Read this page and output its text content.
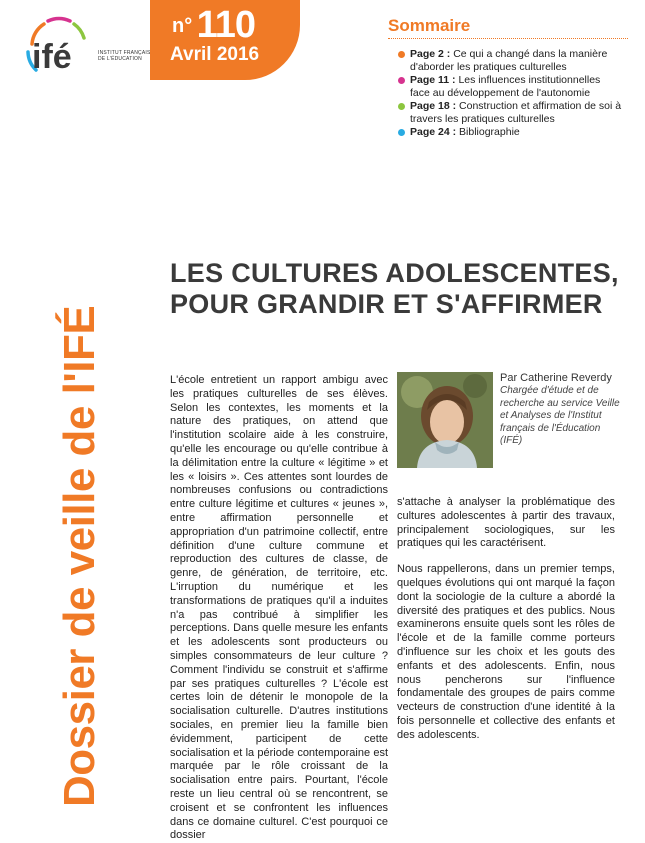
ifé	INSTITUT FRANÇAIS DE L'ÉDUCATION
n° 110
Avril 2016
Sommaire
Page 2 : Ce qui a changé dans la manière d'aborder les pratiques culturelles
Page 11 : Les influences institutionnelles face au développement de l'autonomie
Page 18 : Construction et affirmation de soi à travers les pratiques culturelles
Page 24 : Bibliographie
Dossier de veille de l'IFÉ
LES CULTURES ADOLESCENTES,
POUR GRANDIR ET S'AFFIRMER
Par Catherine Reverdy
Chargée d'étude et de recherche au service Veille et Analyses de l'Institut français de l'Éducation (IFÉ)
L'école entretient un rapport ambigu avec les pratiques culturelles de ses élèves. Selon les contextes, les moments et la nature des pratiques, on attend que l'institution scolaire aide à les construire, qu'elle les encourage ou qu'elle contribue à la délimitation entre la culture « légitime » et les « loisirs ». Ces attentes sont lourdes de nombreuses confusions ou contradictions entre culture légitime et cultures « jeunes », entre affirmation personnelle et appropriation d'un patrimoine collectif, entre définition d'une culture commune et reproduction des cultures de classe, de genre, de génération, de territoire, etc. L'irruption du numérique et les transformations de pratiques qu'il a induites n'a pas contribué à simplifier les perceptions. Dans quelle mesure les enfants et les adolescents sont producteurs ou simples consommateurs de leur culture ? Comment l'individu se construit et s'affirme par ses pratiques culturelles ? L'école est certes loin de détenir le monopole de la socialisation culturelle. D'autres institutions sociales, en premier lieu la famille bien évidemment, participent de cette socialisation et la période contemporaine est marquée par le rôle croissant de la socialisation entre pairs. Pourtant, l'école reste un lieu central où se rencontrent, se croisent et se confrontent les influences dans ce domaine culturel. C'est pourquoi ce dossier

s'attache à analyser la problématique des cultures adolescentes à partir des travaux, principalement sociologiques, sur les pratiques qui les caractérisent.

Nous rappellerons, dans un premier temps, quelques évolutions qui ont marqué la façon dont la sociologie de la culture a abordé la diversité des pratiques et des publics. Nous examinerons ensuite quels sont les rôles de l'école et de la famille comme porteurs d'influence sur les choix et les gouts des enfants et des adolescents. Enfin, nous nous pencherons sur l'influence fondamentale des groupes de pairs comme vecteurs de construction d'une identité à la fois personnelle et collective des enfants et des adolescents.
